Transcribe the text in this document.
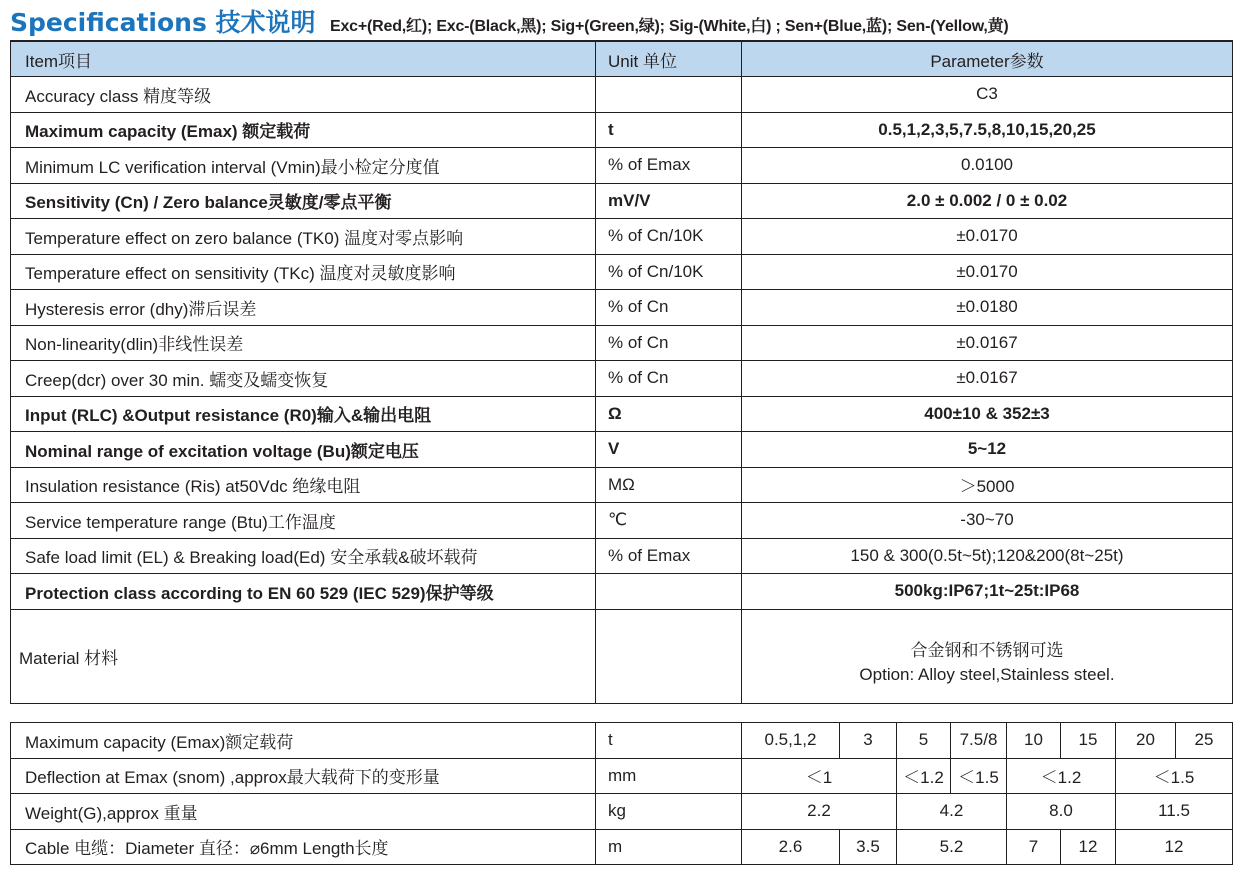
Specifications 技术说明 Exc+(Red,红); Exc-(Black,黑); Sig+(Green,绿); Sig-(White,白) ; Sen+(Blue,蓝); Sen-(Yellow,黄)
Item项目	Unit 单位	Parameter参数
Accuracy class 精度等级		C3
Maximum capacity (Emax) 额定载荷	t	0.5,1,2,3,5,7.5,8,10,15,20,25
Minimum LC verification interval (Vmin)最小检定分度值	% of Emax	0.0100
Sensitivity (Cn) / Zero balance灵敏度/零点平衡	mV/V	2.0 ± 0.002 / 0 ± 0.02
Temperature effect on zero balance (TK0) 温度对零点影响	% of Cn/10K	±0.0170
Temperature effect on sensitivity (TKc) 温度对灵敏度影响	% of Cn/10K	±0.0170
Hysteresis error (dhy)滞后误差	% of Cn	±0.0180
Non-linearity(dlin)非线性误差	% of Cn	±0.0167
Creep(dcr) over 30 min. 蠕变及蠕变恢复	% of Cn	±0.0167
Input (RLC) &Output resistance (R0)输入&输出电阻	Ω	400±10 & 352±3
Nominal range of excitation voltage (Bu)额定电压	V	5~12
Insulation resistance (Ris) at50Vdc 绝缘电阻	MΩ	＞5000
Service temperature range (Btu)工作温度	℃	-30~70
Safe load limit (EL) & Breaking load(Ed) 安全承载&破坏载荷	% of Emax	150 & 300(0.5t~5t);120&200(8t~25t)
Protection class according to EN 60 529 (IEC 529)保护等级		500kg:IP67;1t~25t:IP68
Material 材料		合金钢和不锈钢可选
Option: Alloy steel,Stainless steel.
Maximum capacity (Emax)额定载荷	t	0.5,1,2	3	5	7.5/8	10	15	20	25
Deflection at Emax (snom) ,approx最大载荷下的变形量	mm	＜1		＜1.2	＜1.5	＜1.2		＜1.5	
Weight(G),approx 重量	kg	2.2		4.2		8.0		11.5	
Cable 电缆：Diameter 直径：⌀6mm Length长度	m	2.6	3.5	5.2		7	12	12	
